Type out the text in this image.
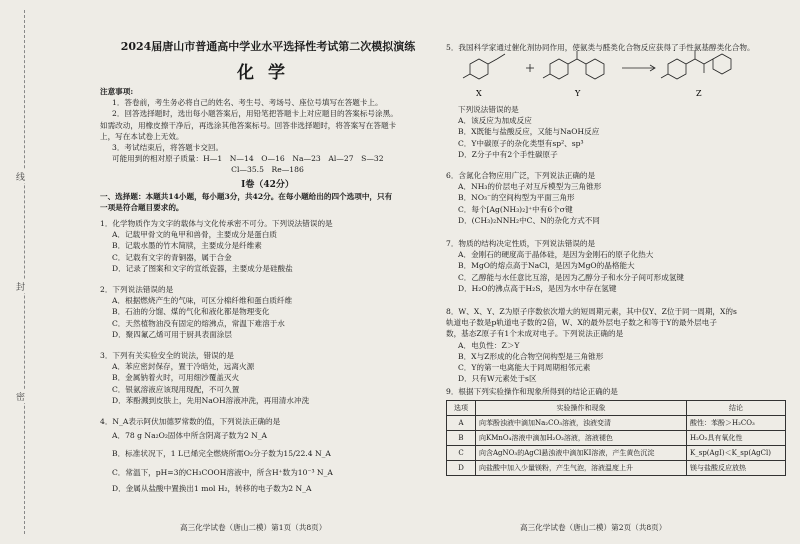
线
封
密
2024届唐山市普通高中学业水平选择性考试第二次模拟演练
化学
注意事项:
1．答卷前，考生务必将自己的姓名、考生号、考场号、座位号填写在答题卡上。
2．回答选择题时，选出每小题答案后，用铅笔把答题卡上对应题目的答案标号涂黑。
如需改动，用橡皮擦干净后，再选涂其他答案标号。回答非选择题时，将答案写在答题卡
上，写在本试卷上无效。
3．考试结束后，将答题卡交回。
可能用到的相对原子质量：H—1　N—14　O—16　Na—23　Al—27　S—32
Cl—35.5　Re—186
Ⅰ卷（42分）
一、选择题：本题共14小题，每小题3分，共42分。在每小题给出的四个选项中，只有
一项是符合题目要求的。
1．化学物质作为文字的载体与文化传承密不可分。下列说法错误的是
A．记载甲骨文的龟甲和兽骨，主要成分是蛋白质
B．记载水墨的竹木简牍，主要成分是纤维素
C．记载有文字的青铜器，属于合金
D．记录了图案和文字的宣纸瓷器，主要成分是硅酸盐
2．下列说法错误的是
A．根据燃烧产生的气味，可区分棉纤维和蛋白质纤维
B．石油的分馏、煤的气化和液化都是物理变化
C．天然植物油没有固定的熔沸点，常温下难溶于水
D．聚四氟乙烯可用于厨具表面涂层
3．下列有关实验安全的说法，错误的是
A．苯应密封保存，置于冷暗处，远离火源
B．金属钠着火时，可用细沙覆盖灭火
C．银氨溶液应该现用现配，不可久置
D．苯酚溅到皮肤上，先用NaOH溶液冲洗，再用清水冲洗
4．N_A表示阿伏加德罗常数的值，下列说法正确的是
A．78 g Na₂O₂固体中所含阴离子数为2 N_A
B．标准状况下，1 L已烯完全燃烧所需O₂分子数为15/22.4 N_A
C．常温下，pH=3的CH₃COOH溶液中，所含H⁺数为10⁻³ N_A
D．金属从盐酸中置换出1 mol H₂，转移的电子数为2 N_A
高三化学试卷（唐山二模）第1页（共8页）
5．我国科学家通过催化剂协同作用，使氨类与醛类化合物反应获得了手性氨基醇类化合物。
X	Y	Z
下列说法错误的是
A．该反应为加成反应
B．X既能与盐酸反应，又能与NaOH反应
C．Y中碳原子的杂化类型有sp²、sp³
D．Z分子中有2个手性碳原子
6．含氮化合物应用广泛，下列说法正确的是
A．NH₃的价层电子对互斥模型为三角锥形
B．NO₃⁻的空间构型为平面三角形
C．每个[Ag(NH₃)₂]⁺中有6个σ键
D．(CH₃)₂NNH₂中C、N的杂化方式不同
7．物质的结构决定性质，下列说法错误的是
A．金刚石的硬度高于晶体硅，是因为金刚石的原子化热大
B．MgO的熔点高于NaCl，是因为MgO的晶格能大
C．乙醇能与水任意比互溶，是因为乙醇分子和水分子间可形成氢键
D．H₂O的沸点高于H₂S，是因为水中存在氢键
8．W、X、Y、Z为原子序数依次增大的短周期元素，其中仅Y、Z位于同一周期，X的s
轨道电子数是p轨道电子数的2倍，W、X的最外层电子数之和等于Y的最外层电子
数，基态Z原子有1个未成对电子。下列说法正确的是
A．电负性：Z＞Y
B．X与Z形成的化合物空间构型是三角锥形
C．Y的第一电离能大于同周期相邻元素
D．只有W元素处于s区
9．根据下列实验操作和现象所得到的结论正确的是
选项	实验操作和现象	结论
A	向苯酚浊液中滴加Na₂CO₃溶液，浊液变清	酸性：苯酚＞H₂CO₃
B	向KMnO₄溶液中滴加H₂O₂溶液，溶液褪色	H₂O₂具有氧化性
C	向含AgNO₃的AgCl悬浊液中滴加KI溶液，产生黄色沉淀	K_sp(AgI)＜K_sp(AgCl)
D	向盐酸中加入少量镁粉，产生气泡，溶液温度上升	镁与盐酸反应放热
高三化学试卷（唐山二模）第2页（共8页）
